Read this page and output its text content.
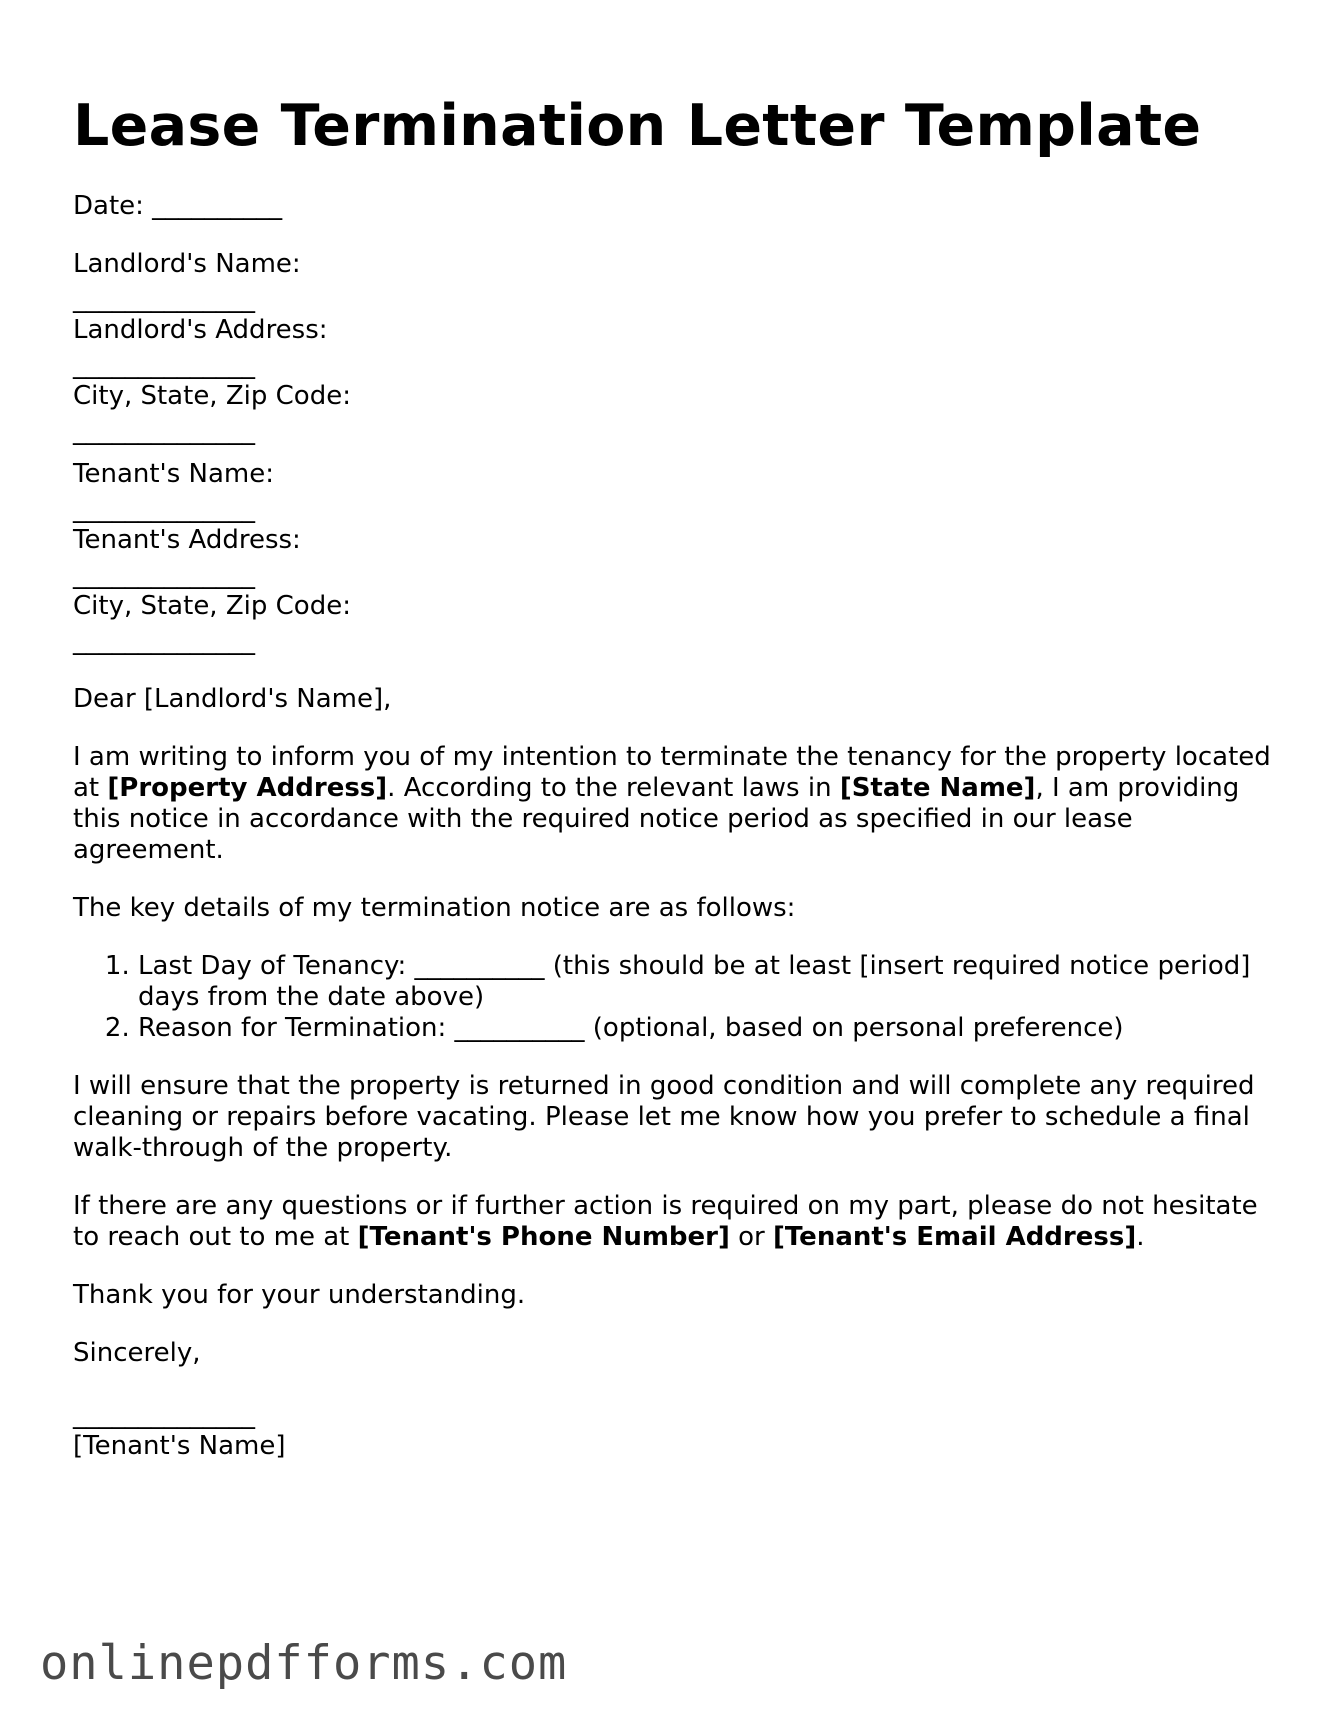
Lease Termination Letter Template

Date: __________

Landlord's Name:
______________
Landlord's Address:
______________
City, State, Zip Code:
______________
Tenant's Name:
______________
Tenant's Address:
______________
City, State, Zip Code:
______________

Dear [Landlord's Name],

I am writing to inform you of my intention to terminate the tenancy for the property located at [Property Address]. According to the relevant laws in [State Name], I am providing this notice in accordance with the required notice period as specified in our lease agreement.

The key details of my termination notice are as follows:

1. Last Day of Tenancy: __________ (this should be at least [insert required notice period] days from the date above)
2. Reason for Termination: __________ (optional, based on personal preference)

I will ensure that the property is returned in good condition and will complete any required cleaning or repairs before vacating. Please let me know how you prefer to schedule a final walk-through of the property.

If there are any questions or if further action is required on my part, please do not hesitate to reach out to me at [Tenant's Phone Number] or [Tenant's Email Address].

Thank you for your understanding.

Sincerely,

______________
[Tenant's Name]
onlinepdfforms.com
